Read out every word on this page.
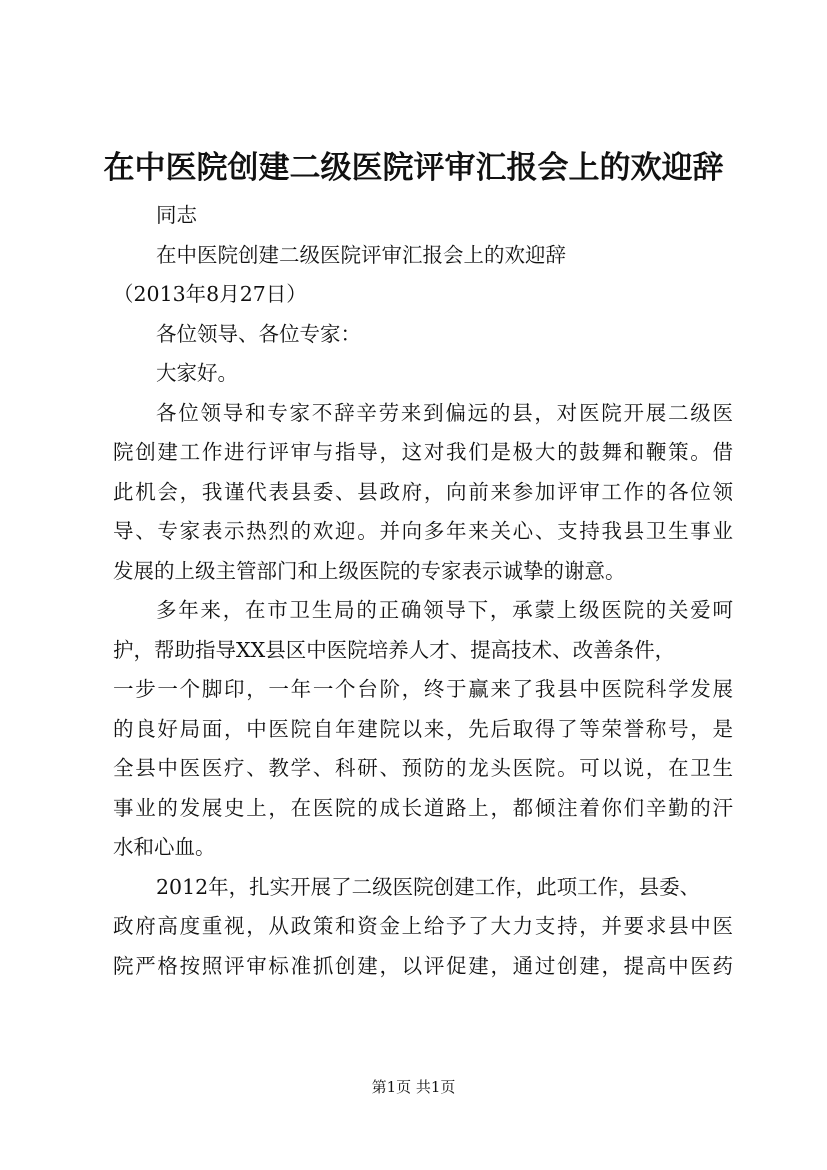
在中医院创建二级医院评审汇报会上的欢迎辞
同志
在中医院创建二级医院评审汇报会上的欢迎辞
（2013年8月27日）
各位领导、各位专家：
大家好。
各位领导和专家不辞辛劳来到偏远的县，对医院开展二级医
院创建工作进行评审与指导，这对我们是极大的鼓舞和鞭策。借
此机会，我谨代表县委、县政府，向前来参加评审工作的各位领
导、专家表示热烈的欢迎。并向多年来关心、支持我县卫生事业
发展的上级主管部门和上级医院的专家表示诚挚的谢意。
多年来，在市卫生局的正确领导下，承蒙上级医院的关爱呵
护，帮助指导XX县区中医院培养人才、提高技术、改善条件，
一步一个脚印，一年一个台阶，终于赢来了我县中医院科学发展
的良好局面，中医院自年建院以来，先后取得了等荣誉称号，是
全县中医医疗、教学、科研、预防的龙头医院。可以说，在卫生
事业的发展史上，在医院的成长道路上，都倾注着你们辛勤的汗
水和心血。
2012年，扎实开展了二级医院创建工作，此项工作，县委、
政府高度重视，从政策和资金上给予了大力支持，并要求县中医
院严格按照评审标准抓创建，以评促建，通过创建，提高中医药
第1页 共1页
